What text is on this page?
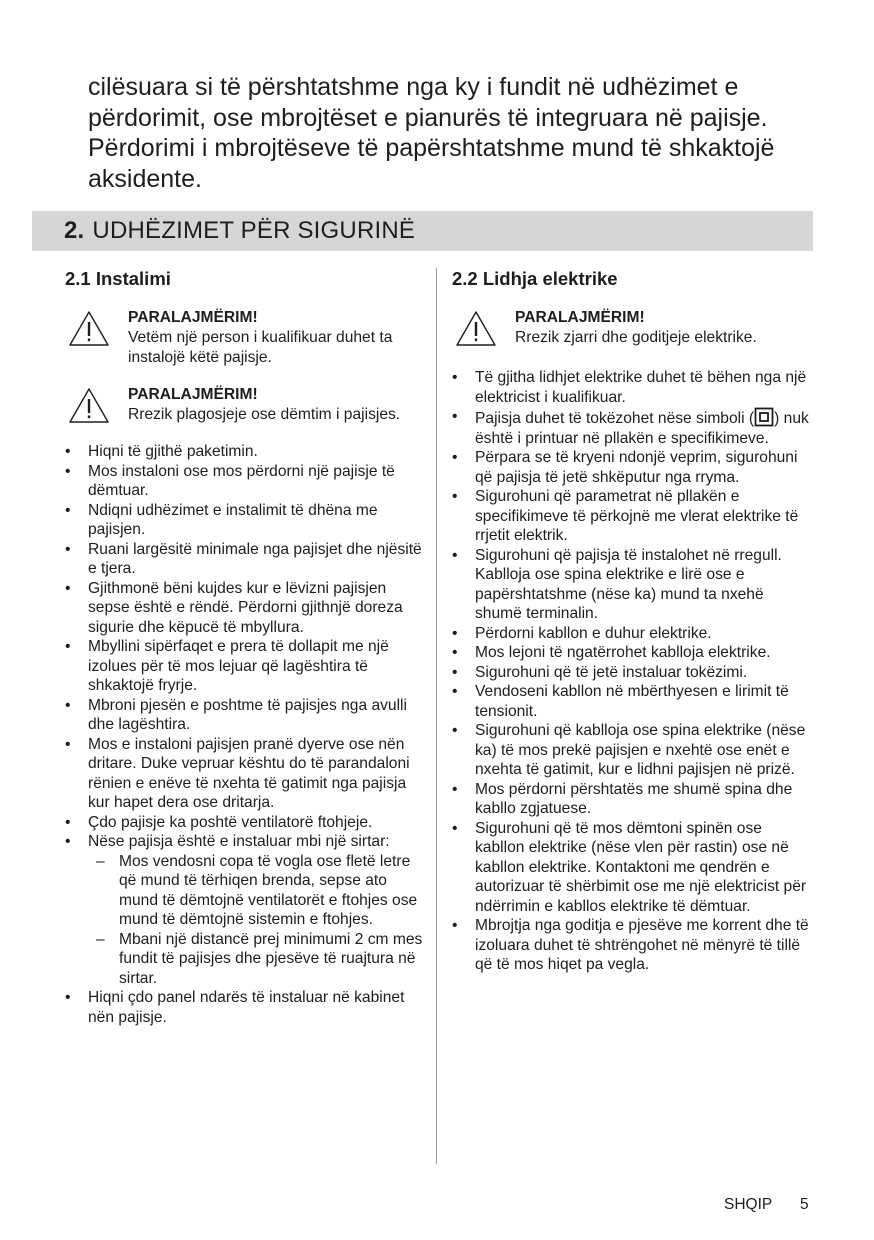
cilësuara si të përshtatshme nga ky i fundit në udhëzimet e përdorimit, ose mbrojtëset e pianurës të integruara në pajisje. Përdorimi i mbrojtëseve të papërshtatshme mund të shkaktojë aksidente.

2. UDHËZIMET PËR SIGURINË
2.1 Instalimi
PARALAJMËRIM!
Vetëm një person i kualifikuar duhet ta instalojë këtë pajisje.
PARALAJMËRIM!
Rrezik plagosjeje ose dëmtim i pajisjes.
• Hiqni të gjithë paketimin.
• Mos instaloni ose mos përdorni një pajisje të dëmtuar.
• Ndiqni udhëzimet e instalimit të dhëna me pajisjen.
• Ruani largësitë minimale nga pajisjet dhe njësitë e tjera.
• Gjithmonë bëni kujdes kur e lëvizni pajisjen sepse është e rëndë. Përdorni gjithnjë doreza sigurie dhe këpucë të mbyllura.
• Mbyllini sipërfaqet e prera të dollapit me një izolues për të mos lejuar që lagështira të shkaktojë fryrje.
• Mbroni pjesën e poshtme të pajisjes nga avulli dhe lagështira.
• Mos e instaloni pajisjen pranë dyerve ose nën dritare. Duke vepruar kështu do të parandaloni rënien e enëve të nxehta të gatimit nga pajisja kur hapet dera ose dritarja.
• Çdo pajisje ka poshtë ventilatorë ftohjeje.
• Nëse pajisja është e instaluar mbi një sirtar:
– Mos vendosni copa të vogla ose fletë letre që mund të tërhiqen brenda, sepse ato mund të dëmtojnë ventilatorët e ftohjes ose mund të dëmtojnë sistemin e ftohjes.
– Mbani një distancë prej minimumi 2 cm mes fundit të pajisjes dhe pjesëve të ruajtura në sirtar.
• Hiqni çdo panel ndarës të instaluar në kabinet nën pajisje.
2.2 Lidhja elektrike
PARALAJMËRIM!
Rrezik zjarri dhe goditjeje elektrike.
• Të gjitha lidhjet elektrike duhet të bëhen nga një elektricist i kualifikuar.
• Pajisja duhet të tokëzohet nëse simboli ( ) nuk është i printuar në pllakën e specifikimeve.
• Përpara se të kryeni ndonjë veprim, sigurohuni që pajisja të jetë shkëputur nga rryma.
• Sigurohuni që parametrat në pllakën e specifikimeve të përkojnë me vlerat elektrike të rrjetit elektrik.
• Sigurohuni që pajisja të instalohet në rregull. Kablloja ose spina elektrike e lirë ose e papërshtatshme (nëse ka) mund ta nxehë shumë terminalin.
• Përdorni kabllon e duhur elektrike.
• Mos lejoni të ngatërrohet kablloja elektrike.
• Sigurohuni që të jetë instaluar tokëzimi.
• Vendoseni kabllon në mbërthyesen e lirimit të tensionit.
• Sigurohuni që kablloja ose spina elektrike (nëse ka) të mos prekë pajisjen e nxehtë ose enët e nxehta të gatimit, kur e lidhni pajisjen në prizë.
• Mos përdorni përshtatës me shumë spina dhe kabllo zgjatuese.
• Sigurohuni që të mos dëmtoni spinën ose kabllon elektrike (nëse vlen për rastin) ose në kabllon elektrike. Kontaktoni me qendrën e autorizuar të shërbimit ose me një elektricist për ndërrimin e kabllos elektrike të dëmtuar.
• Mbrojtja nga goditja e pjesëve me korrent dhe të izoluara duhet të shtrëngohet në mënyrë të tillë që të mos hiqet pa vegla.
SHQIP 5
